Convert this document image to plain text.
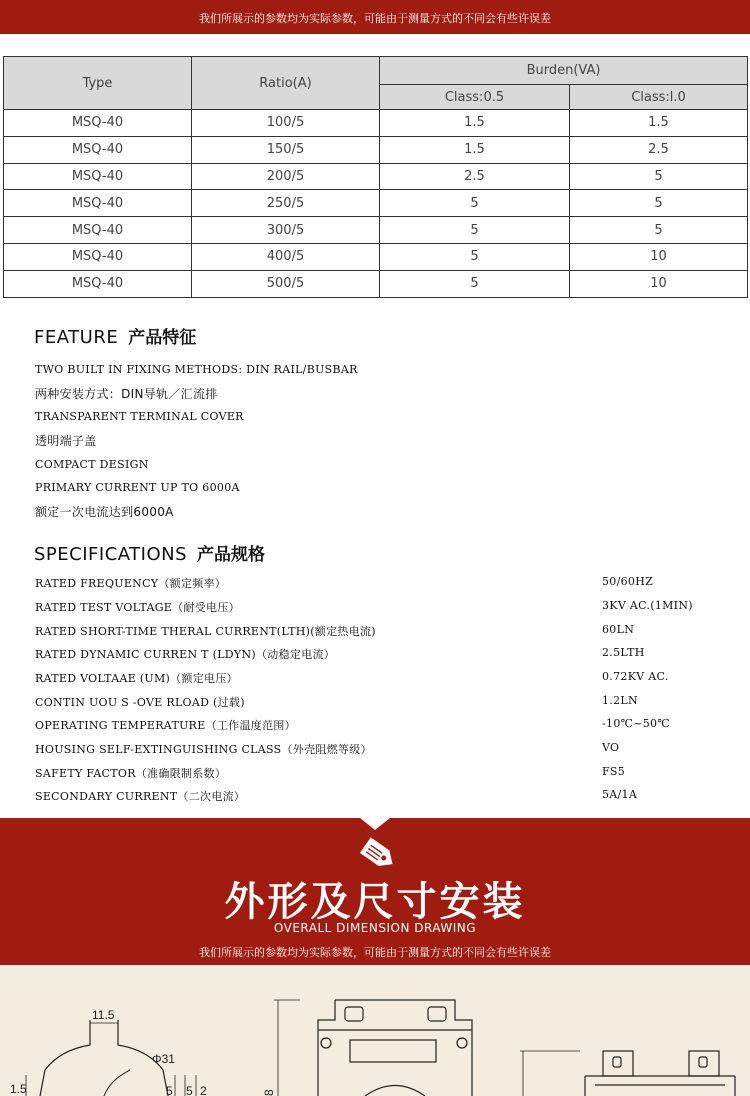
我们所展示的参数均为实际参数，可能由于测量方式的不同会有些许误差
Type	Ratio(A)	Burden(VA)	
		Class:0.5	Class:l.0
MSQ-40	100/5	1.5	1.5
MSQ-40	150/5	1.5	2.5
MSQ-40	200/5	2.5	5
MSQ-40	250/5	5	5
MSQ-40	300/5	5	5
MSQ-40	400/5	5	10
MSQ-40	500/5	5	10
FEATURE 产品特征
TWO BUILT IN FIXING METHODS: DIN RAIL/BUSBAR
两种安装方式：DIN导轨／汇流排
TRANSPARENT TERMINAL COVER
透明端子盖
COMPACT DESIGN
PRIMARY CURRENT UP TO 6000A
额定一次电流达到6000A
SPECIFICATIONS 产品规格
RATED FREQUENCY（额定频率）	50/60HZ
RATED TEST VOLTAGE（耐受电压）	3KV AC.(1MIN)
RATED SHORT-TIME THERAL CURRENT(LTH)(额定热电流)	60LN
RATED DYNAMIC CURREN T (LDYN)（动稳定电流）	2.5LTH
RATED VOLTAAE (UM)（额定电压）	0.72KV AC.
CONTIN UOU S -OVE RLOAD (过载)	1.2LN
OPERATING TEMPERATURE（工作温度范围）	-10℃~50℃
HOUSING SELF-EXTINGUISHING CLASS（外壳阻燃等级）	VO
SAFETY FACTOR（准确限制系数）	FS5
SECONDARY CURRENT（二次电流）	5A/1A
外形及尺寸安装
OVERALL DIMENSION DRAWING
我们所展示的参数均为实际参数，可能由于测量方式的不同会有些许误差
11.5
Φ31
1.5	5 5 2	8
